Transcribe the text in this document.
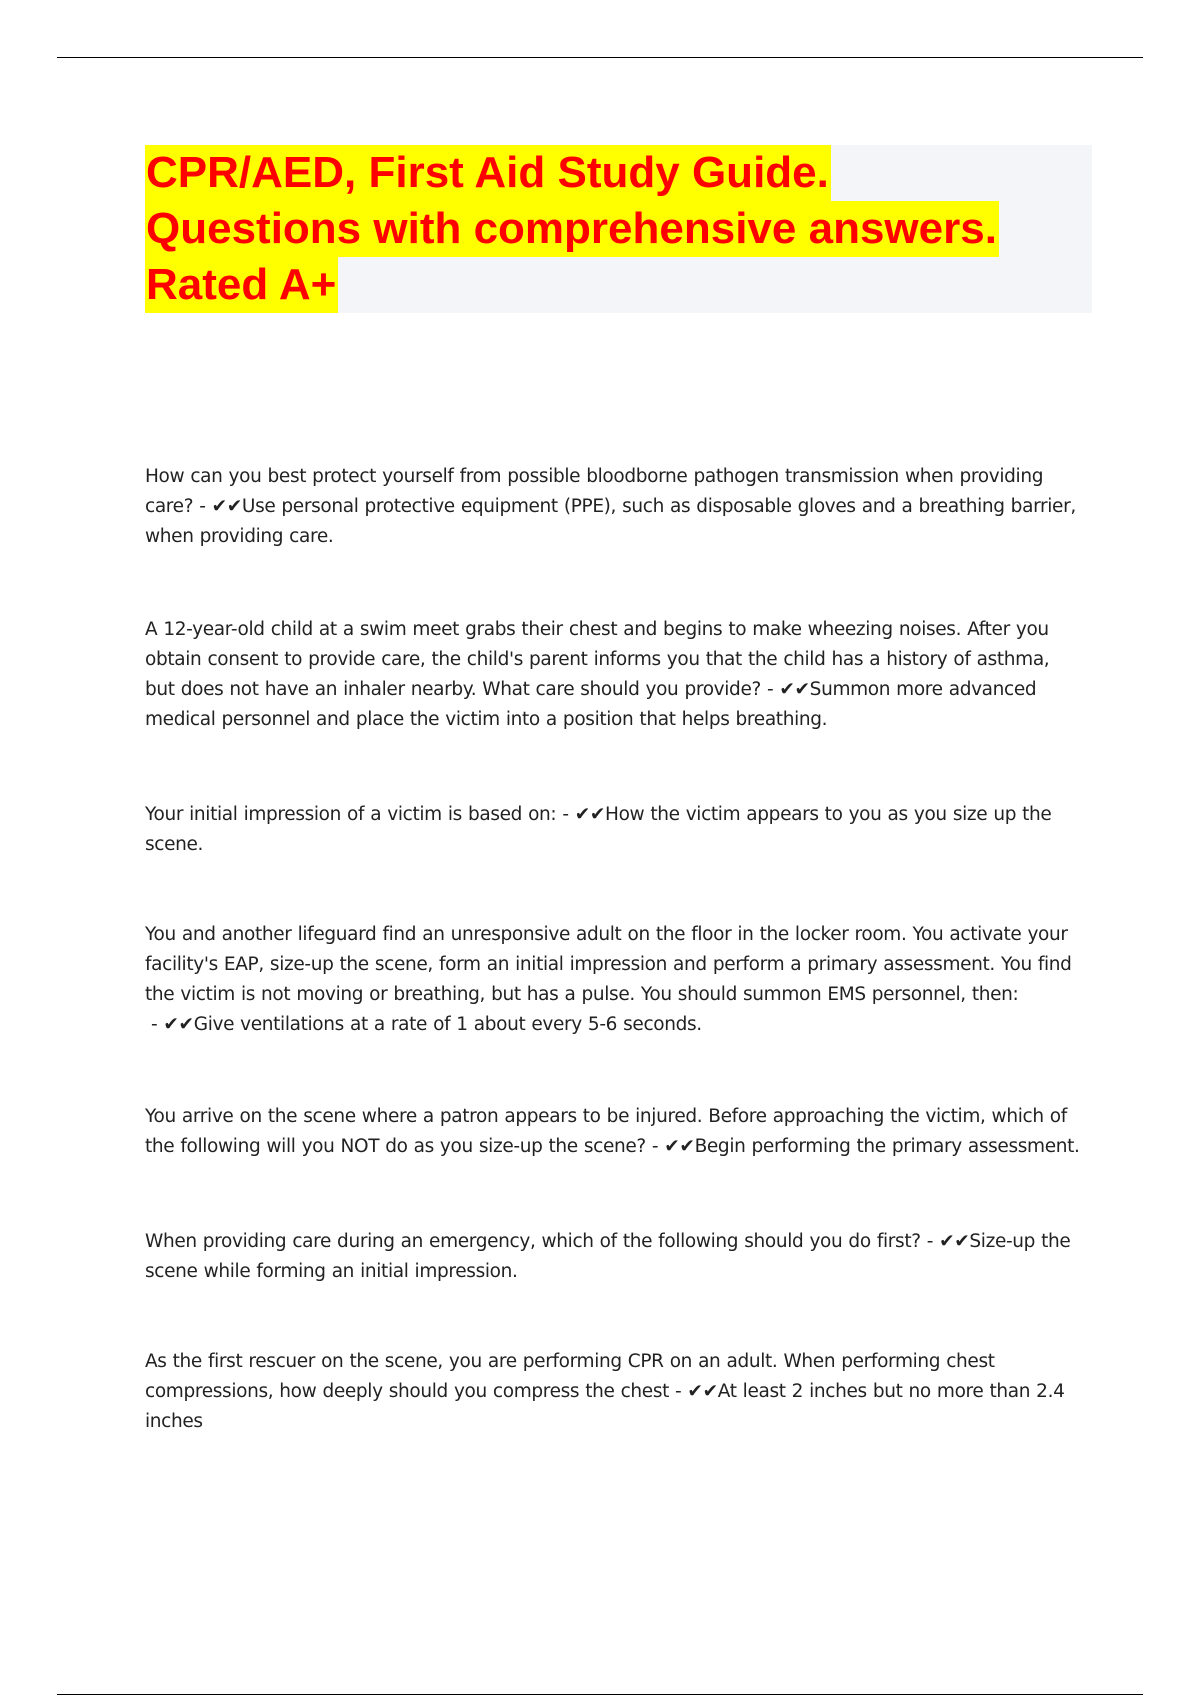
CPR/AED, First Aid Study Guide.
Questions with comprehensive answers.
Rated A+

How can you best protect yourself from possible bloodborne pathogen transmission when providing care? - ✔✔Use personal protective equipment (PPE), such as disposable gloves and a breathing barrier, when providing care.

A 12-year-old child at a swim meet grabs their chest and begins to make wheezing noises. After you obtain consent to provide care, the child's parent informs you that the child has a history of asthma, but does not have an inhaler nearby. What care should you provide? - ✔✔Summon more advanced medical personnel and place the victim into a position that helps breathing.

Your initial impression of a victim is based on: - ✔✔How the victim appears to you as you size up the scene.

You and another lifeguard find an unresponsive adult on the floor in the locker room. You activate your facility's EAP, size-up the scene, form an initial impression and perform a primary assessment. You find the victim is not moving or breathing, but has a pulse. You should summon EMS personnel, then: - ✔✔Give ventilations at a rate of 1 about every 5-6 seconds.

You arrive on the scene where a patron appears to be injured. Before approaching the victim, which of the following will you NOT do as you size-up the scene? - ✔✔Begin performing the primary assessment.

When providing care during an emergency, which of the following should you do first? - ✔✔Size-up the scene while forming an initial impression.

As the first rescuer on the scene, you are performing CPR on an adult. When performing chest compressions, how deeply should you compress the chest - ✔✔At least 2 inches but no more than 2.4 inches
